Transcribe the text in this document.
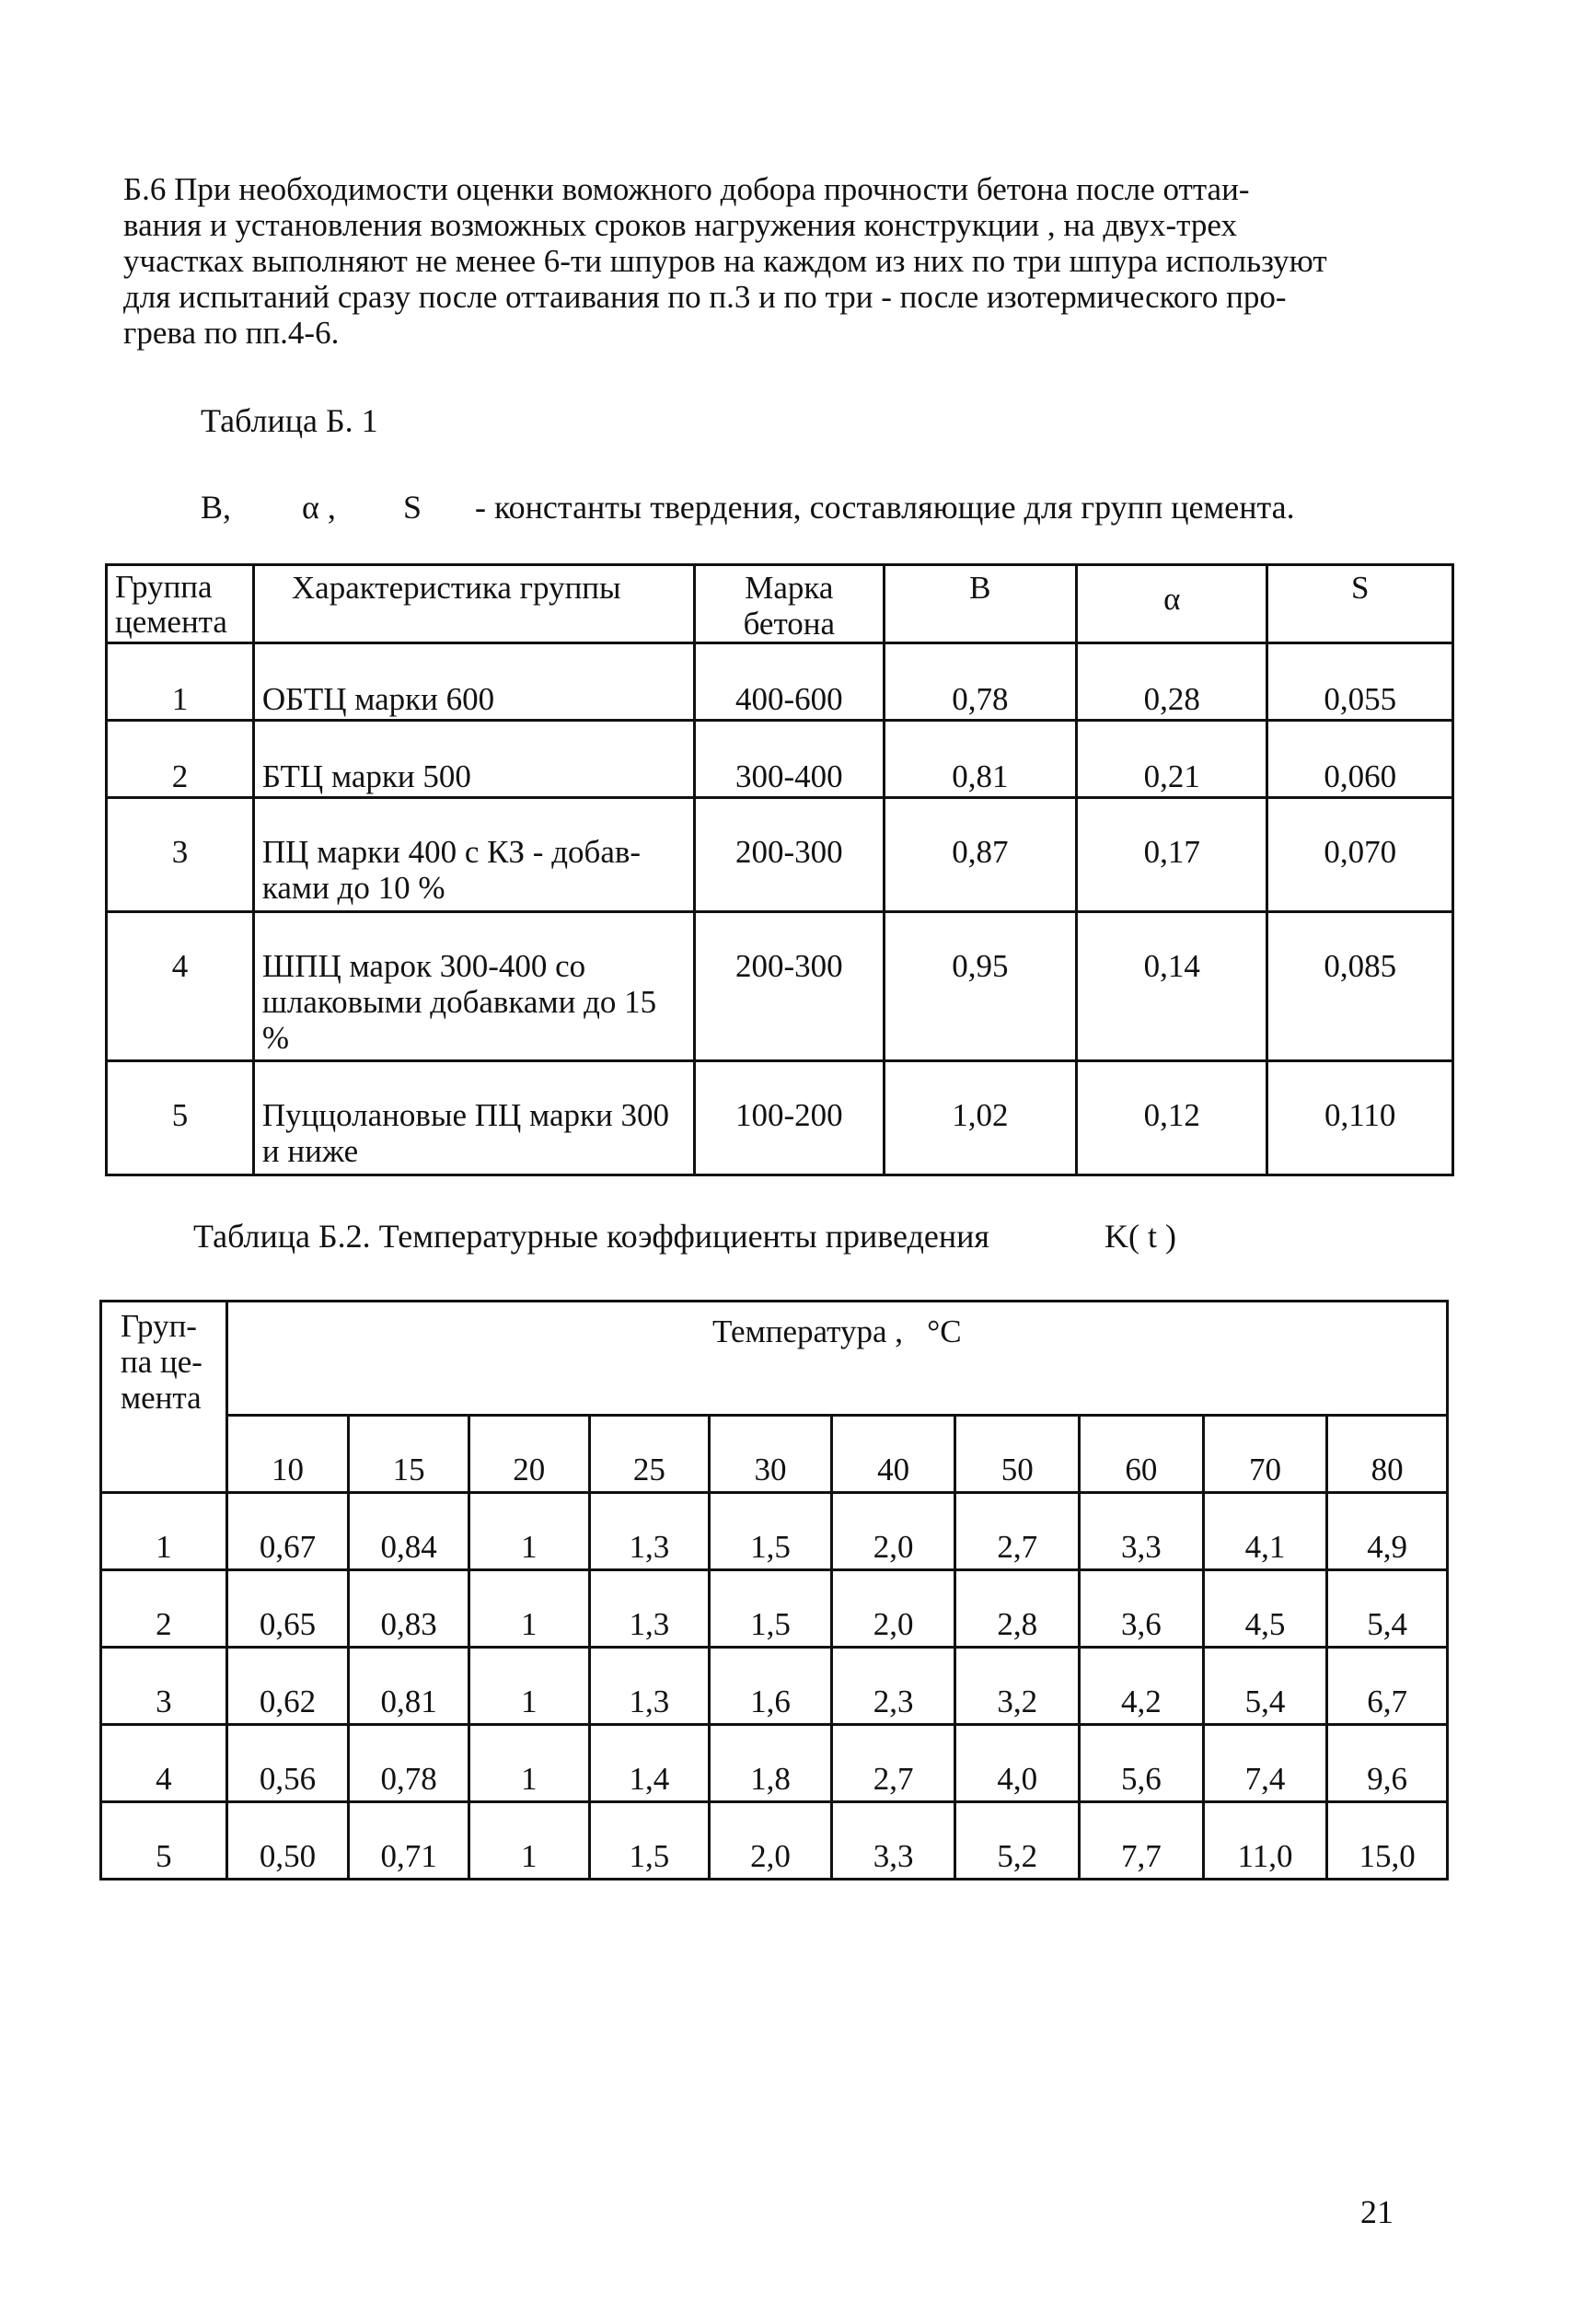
Б.6 При необходимости оценки воможного добора прочности бетона после оттаи-
вания и установления возможных сроков нагружения конструкции , на двух-трех
участках выполняют не менее 6-ти шпуров на каждом из них по три шпура используют
для испытаний сразу после оттаивания по п.3 и по три - после изотермического про-
грева по пп.4-6.
Таблица Б. 1
B, α , S - константы твердения, составляющие для групп цемента.
Группа цемента	Характеристика группы	Марка бетона	B	α	S
1	ОБТЦ марки 600	400-600	0,78	0,28	0,055
2	БТЦ марки 500	300-400	0,81	0,21	0,060
3	ПЦ марки 400 с КЗ - добав-ками до 10 %	200-300	0,87	0,17	0,070
4	ШПЦ марок 300-400 со шлаковыми добавками до 15 %	200-300	0,95	0,14	0,085
5	Пуццолановые ПЦ марки 300 и ниже	100-200	1,02	0,12	0,110
Таблица Б.2. Температурные коэффициенты приведения	K( t )
Груп-па це-мента	Температура ,   °С									
	10	15	20	25	30	40	50	60	70	80
1	0,67	0,84	1	1,3	1,5	2,0	2,7	3,3	4,1	4,9
2	0,65	0,83	1	1,3	1,5	2,0	2,8	3,6	4,5	5,4
3	0,62	0,81	1	1,3	1,6	2,3	3,2	4,2	5,4	6,7
4	0,56	0,78	1	1,4	1,8	2,7	4,0	5,6	7,4	9,6
5	0,50	0,71	1	1,5	2,0	3,3	5,2	7,7	11,0	15,0
21
